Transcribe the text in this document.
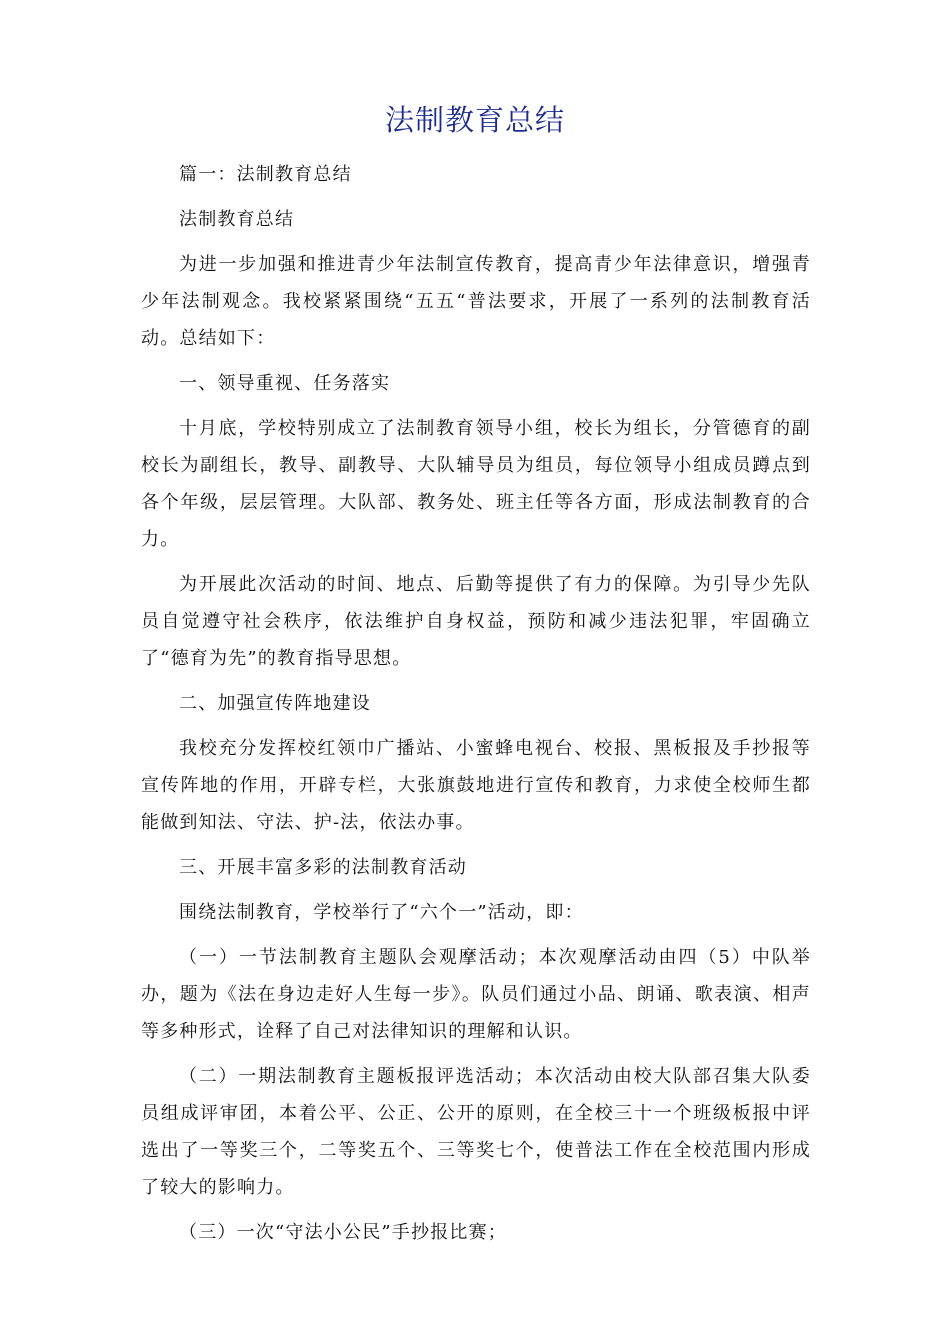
法制教育总结

篇一：法制教育总结

法制教育总结

为进一步加强和推进青少年法制宣传教育，提高青少年法律意识，增强青少年法制观念。我校紧紧围绕“五五“普法要求，开展了一系列的法制教育活动。总结如下：

一、领导重视、任务落实

十月底，学校特别成立了法制教育领导小组，校长为组长，分管德育的副校长为副组长，教导、副教导、大队辅导员为组员，每位领导小组成员蹲点到各个年级，层层管理。大队部、教务处、班主任等各方面，形成法制教育的合力。

为开展此次活动的时间、地点、后勤等提供了有力的保障。为引导少先队员自觉遵守社会秩序，依法维护自身权益，预防和减少违法犯罪，牢固确立了“德育为先”的教育指导思想。

二、加强宣传阵地建设

我校充分发挥校红领巾广播站、小蜜蜂电视台、校报、黑板报及手抄报等宣传阵地的作用，开辟专栏，大张旗鼓地进行宣传和教育，力求使全校师生都能做到知法、守法、护-法，依法办事。

三、开展丰富多彩的法制教育活动

围绕法制教育，学校举行了“六个一”活动，即：

（一）一节法制教育主题队会观摩活动；本次观摩活动由四（5）中队举办，题为《法在身边走好人生每一步》。队员们通过小品、朗诵、歌表演、相声等多种形式，诠释了自己对法律知识的理解和认识。

（二）一期法制教育主题板报评选活动；本次活动由校大队部召集大队委员组成评审团，本着公平、公正、公开的原则，在全校三十一个班级板报中评选出了一等奖三个，二等奖五个、三等奖七个，使普法工作在全校范围内形成了较大的影响力。

（三）一次“守法小公民”手抄报比赛；
